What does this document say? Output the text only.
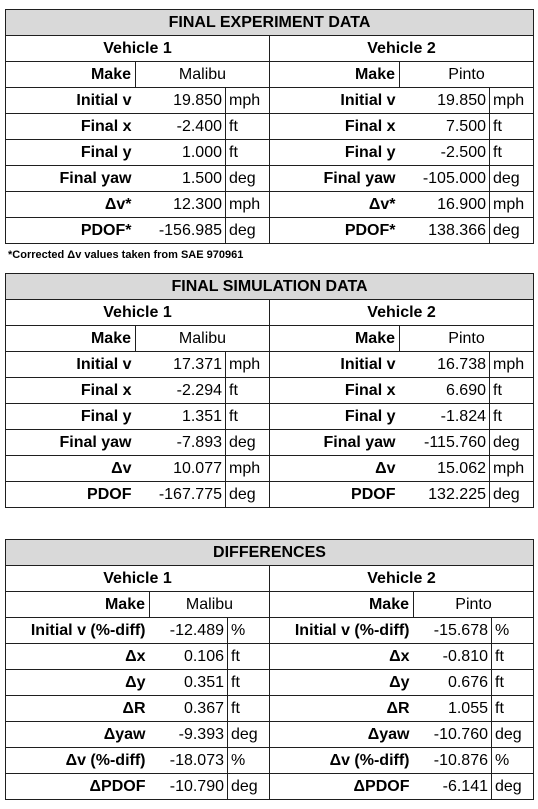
FINAL EXPERIMENT DATA					
Vehicle 1			Vehicle 2		
Make	Malibu		Make	Pinto	
Initial v	19.850	mph	Initial v	19.850	mph
Final x	-2.400	ft	Final x	7.500	ft
Final y	1.000	ft	Final y	-2.500	ft
Final yaw	1.500	deg	Final yaw	-105.000	deg
Δv*	12.300	mph	Δv*	16.900	mph
PDOF*	-156.985	deg	PDOF*	138.366	deg
*Corrected Δv values taken from SAE 970961
FINAL SIMULATION DATA					
Vehicle 1			Vehicle 2		
Make	Malibu		Make	Pinto	
Initial v	17.371	mph	Initial v	16.738	mph
Final x	-2.294	ft	Final x	6.690	ft
Final y	1.351	ft	Final y	-1.824	ft
Final yaw	-7.893	deg	Final yaw	-115.760	deg
Δv	10.077	mph	Δv	15.062	mph
PDOF	-167.775	deg	PDOF	132.225	deg
DIFFERENCES					
Vehicle 1			Vehicle 2		
Make	Malibu		Make	Pinto	
Initial v (%-diff)	-12.489	%	Initial v (%-diff)	-15.678	%
Δx	0.106	ft	Δx	-0.810	ft
Δy	0.351	ft	Δy	0.676	ft
ΔR	0.367	ft	ΔR	1.055	ft
Δyaw	-9.393	deg	Δyaw	-10.760	deg
Δv (%-diff)	-18.073	%	Δv (%-diff)	-10.876	%
ΔPDOF	-10.790	deg	ΔPDOF	-6.141	deg
